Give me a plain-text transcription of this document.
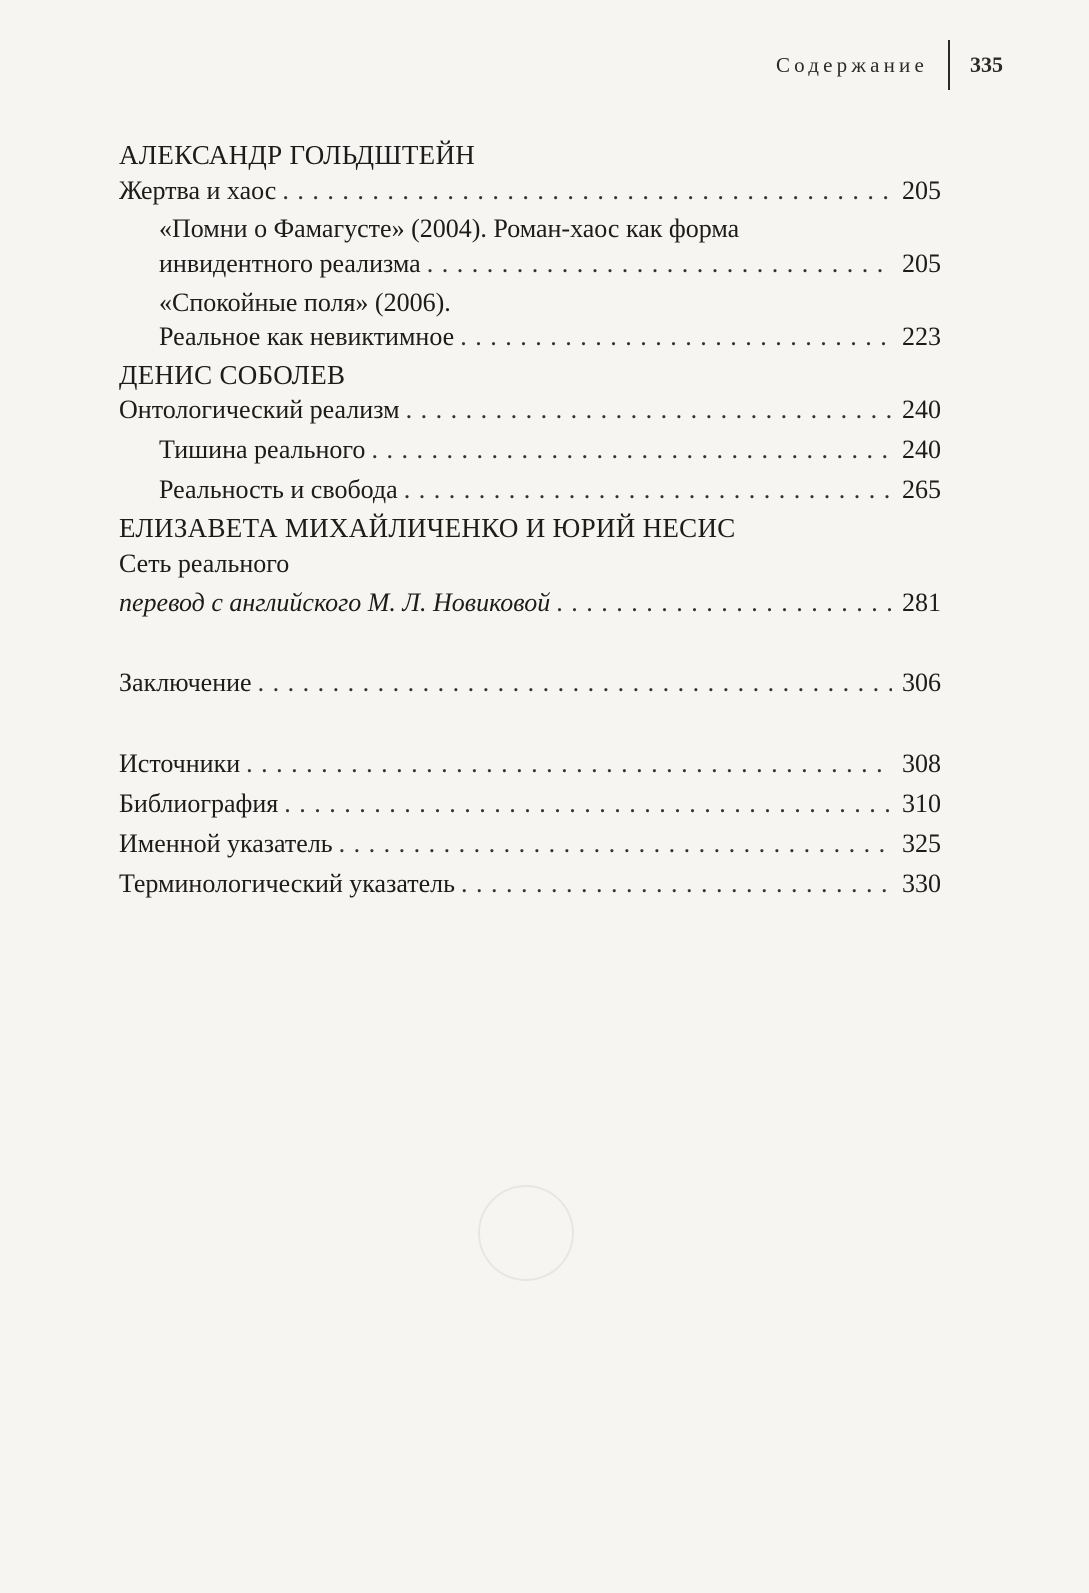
Содержание	335
АЛЕКСАНДР ГОЛЬДШТЕЙН
Жертва и хаос . . .	205
«Помни о Фамагусте» (2004). Роман-хаос как форма
инвидентного реализма . . .	205
«Спокойные поля» (2006).
Реальное как невиктимное . . .	223
ДЕНИС СОБОЛЕВ
Онтологический реализм . . .	240
Тишина реального . . .	240
Реальность и свобода . . .	265
ЕЛИЗАВЕТА МИХАЙЛИЧЕНКО И ЮРИЙ НЕСИС
Сеть реального
перевод с английского М. Л. Новиковой . . .	281
Заключение . . .	306
Источники . . .	308
Библиография . . .	310
Именной указатель . . .	325
Терминологический указатель . . .	330
